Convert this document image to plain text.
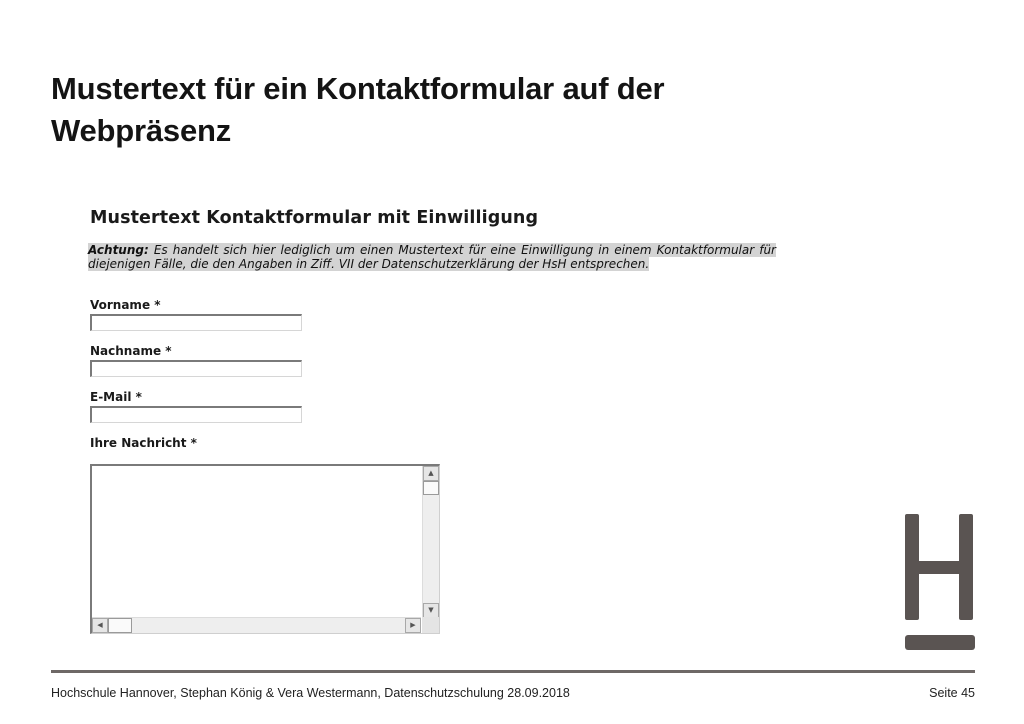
Mustertext für ein Kontaktformular auf der Webpräsenz
Mustertext Kontaktformular mit Einwilligung
Achtung: Es handelt sich hier lediglich um einen Mustertext für eine Einwilligung in einem Kontaktformular für diejenigen Fälle, die den Angaben in Ziff. VII der Datenschutzerklärung der HsH entsprechen.
Vorname *
Nachname *
E-Mail *
Ihre Nachricht *
▲
▼
◀	▶
Hochschule Hannover, Stephan König & Vera Westermann, Datenschutzschulung 28.09.2018	Seite 45
